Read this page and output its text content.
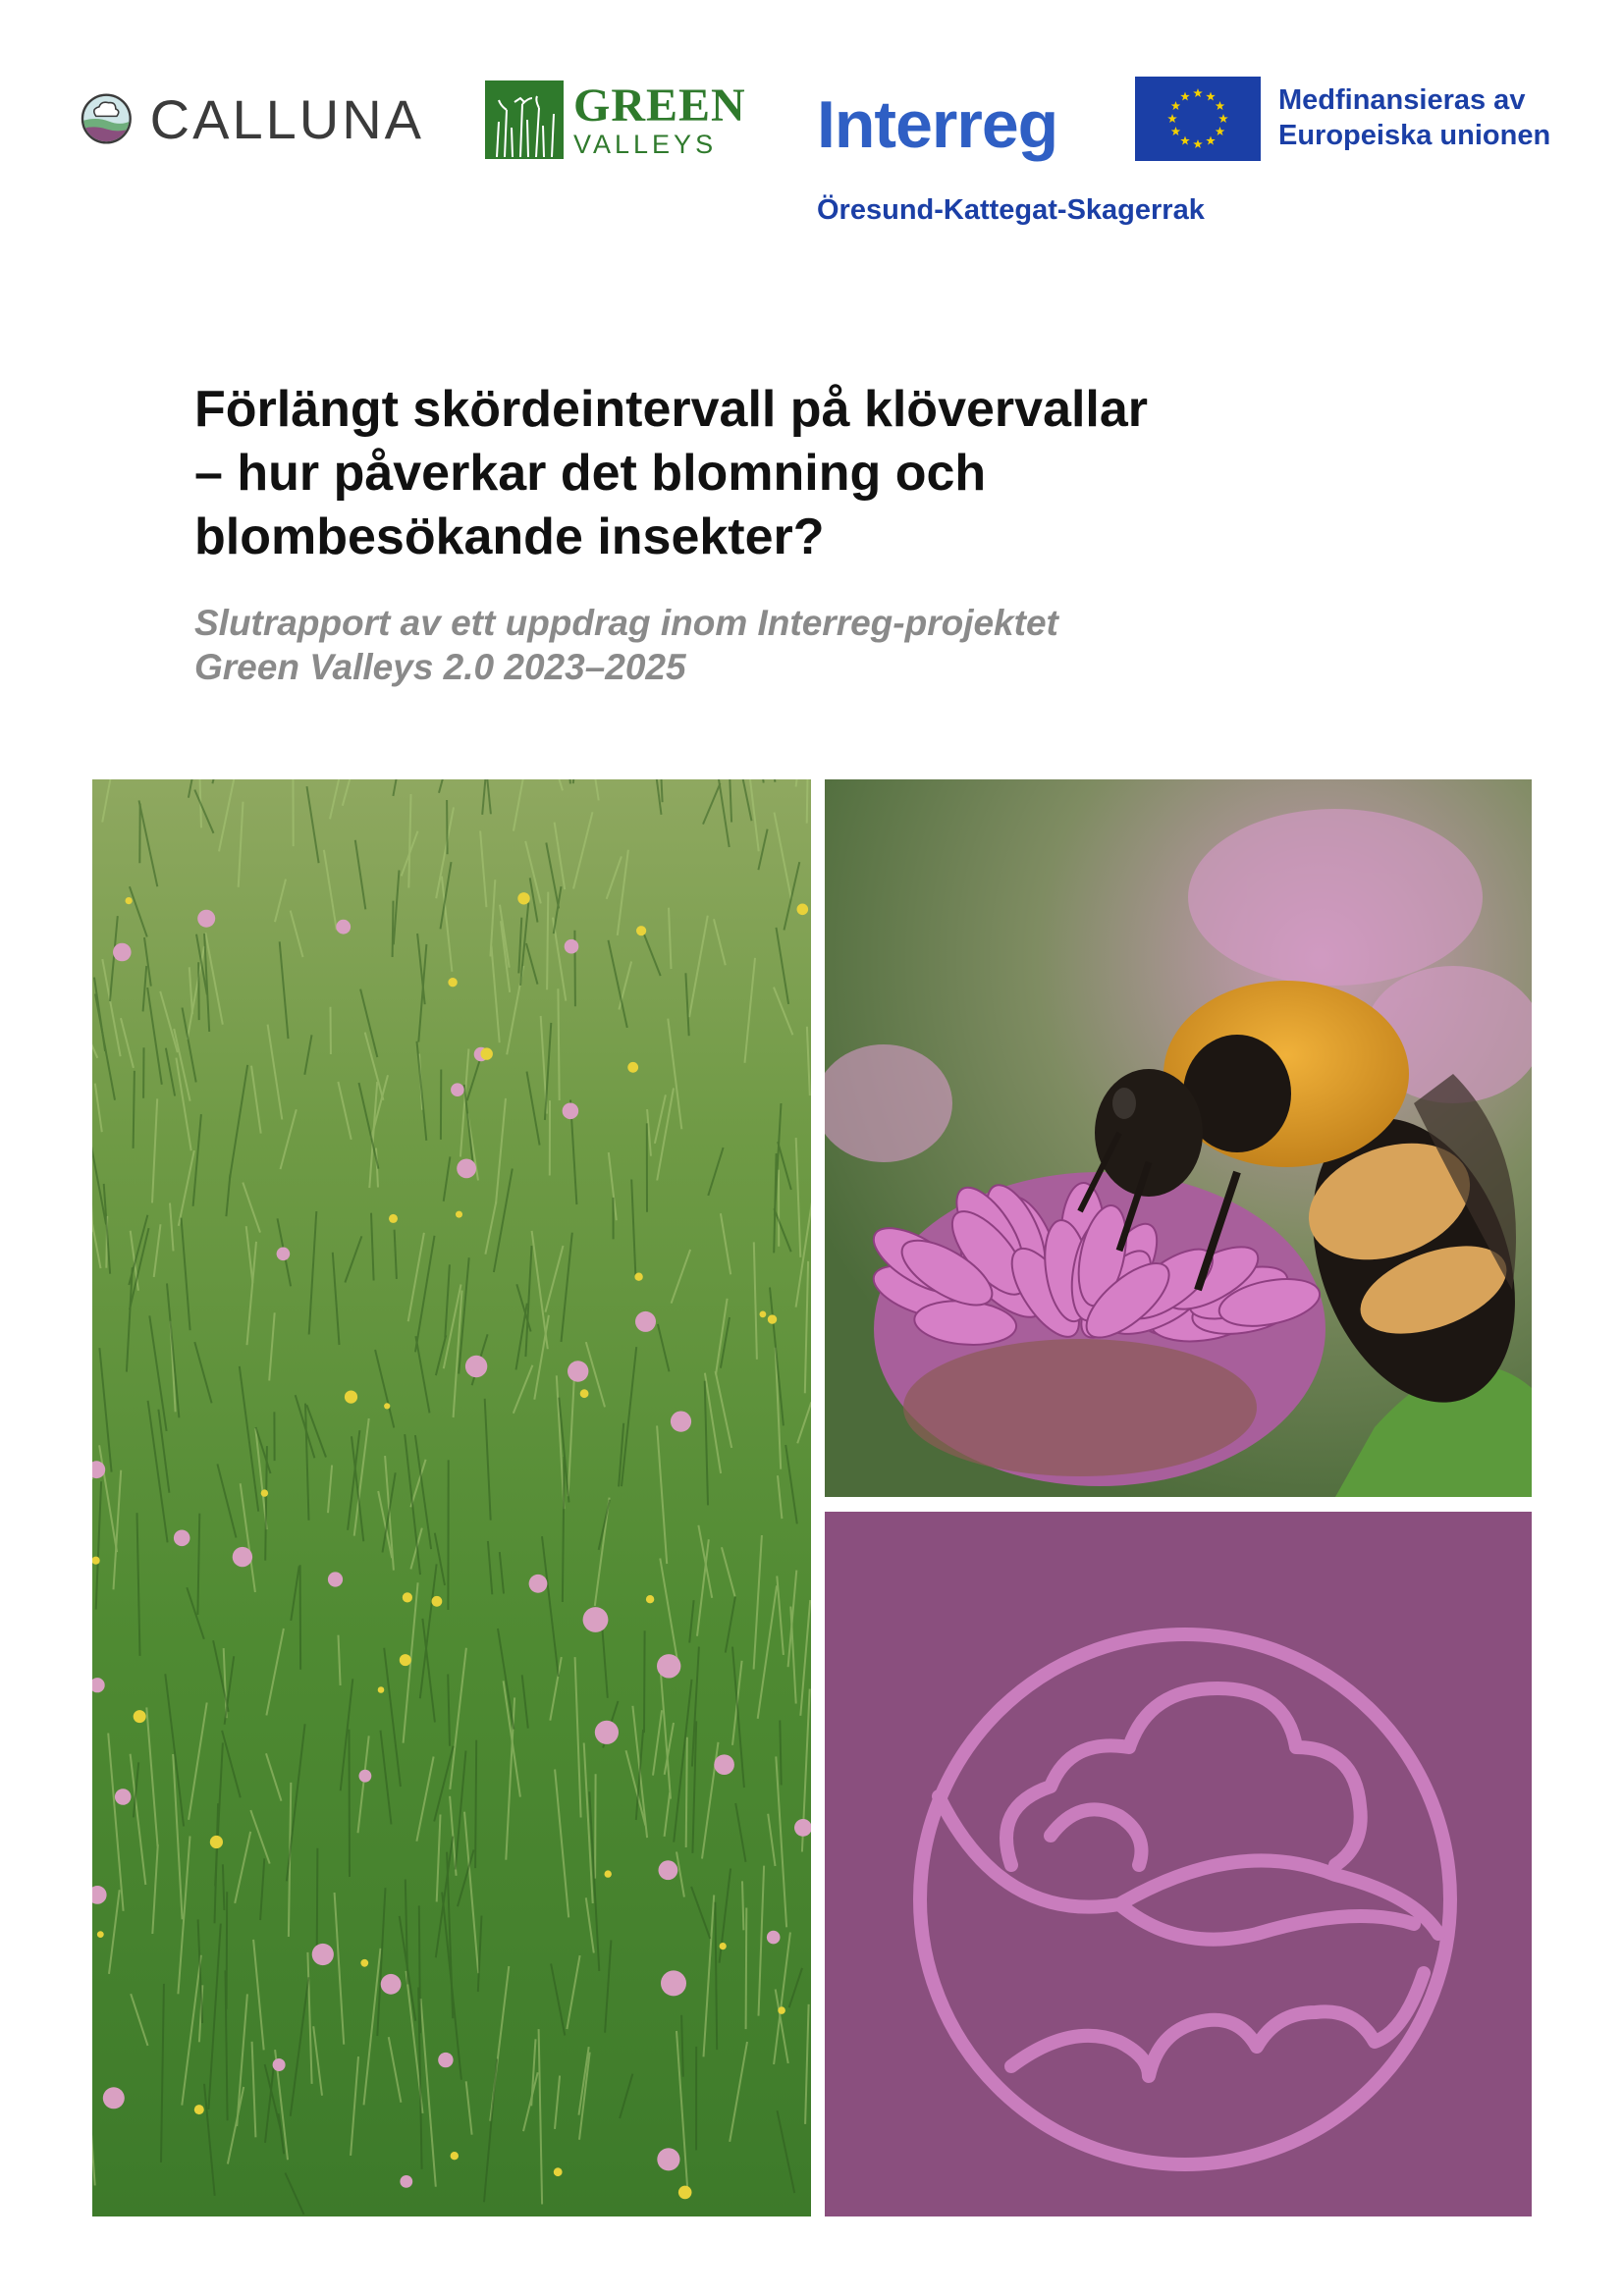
CALLUNA	GREEN
VALLEYS	Interreg	Medfinansieras av
Europeiska unionen
Öresund-Kattegat-Skagerrak
Förlängt skördeintervall på klövervallar
– hur påverkar det blomning och
blombesökande insekter?
Slutrapport av ett uppdrag inom Interreg-projektet
Green Valleys 2.0 2023–2025
